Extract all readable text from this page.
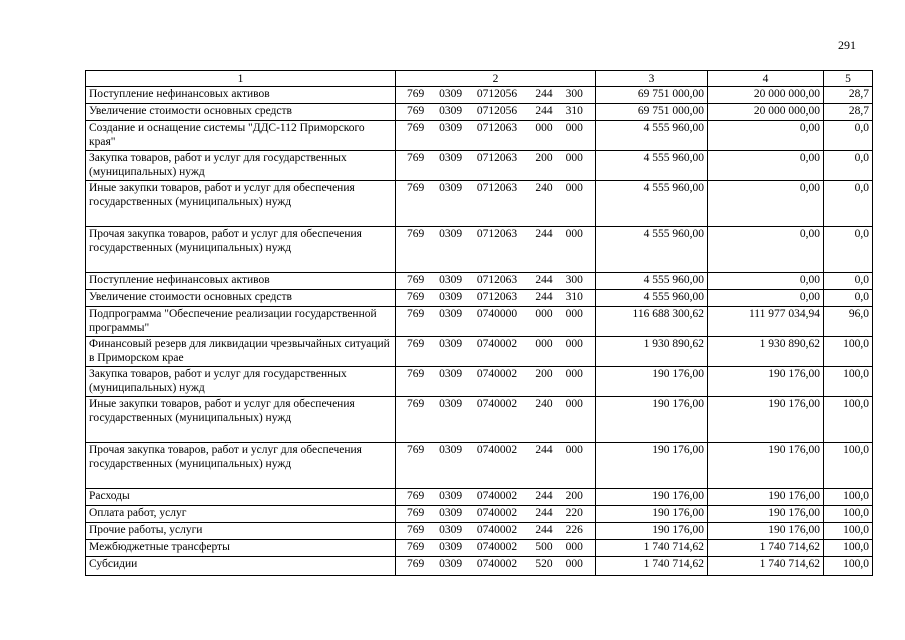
291
1	2	3	4	5
Поступление нефинансовых активов	769 0309 0712056 244 300	69 751 000,00	20 000 000,00	28,7
Увеличение стоимости основных средств	769 0309 0712056 244 310	69 751 000,00	20 000 000,00	28,7
Создание и оснащение системы "ДДС-112 Приморского края"	769 0309 0712063 000 000	4 555 960,00	0,00	0,0
Закупка товаров, работ и услуг для государственных (муниципальных) нужд	769 0309 0712063 200 000	4 555 960,00	0,00	0,0
Иные закупки товаров, работ и услуг для обеспечения государственных (муниципальных) нужд	769 0309 0712063 240 000	4 555 960,00	0,00	0,0
Прочая закупка товаров, работ и услуг для обеспечения государственных (муниципальных) нужд	769 0309 0712063 244 000	4 555 960,00	0,00	0,0
Поступление нефинансовых активов	769 0309 0712063 244 300	4 555 960,00	0,00	0,0
Увеличение стоимости основных средств	769 0309 0712063 244 310	4 555 960,00	0,00	0,0
Подпрограмма "Обеспечение реализации государственной программы"	769 0309 0740000 000 000	116 688 300,62	111 977 034,94	96,0
Финансовый резерв для ликвидации чрезвычайных ситуаций в Приморском крае	769 0309 0740002 000 000	1 930 890,62	1 930 890,62	100,0
Закупка товаров, работ и услуг для государственных (муниципальных) нужд	769 0309 0740002 200 000	190 176,00	190 176,00	100,0
Иные закупки товаров, работ и услуг для обеспечения государственных (муниципальных) нужд	769 0309 0740002 240 000	190 176,00	190 176,00	100,0
Прочая закупка товаров, работ и услуг для обеспечения государственных (муниципальных) нужд	769 0309 0740002 244 000	190 176,00	190 176,00	100,0
Расходы	769 0309 0740002 244 200	190 176,00	190 176,00	100,0
Оплата работ, услуг	769 0309 0740002 244 220	190 176,00	190 176,00	100,0
Прочие работы, услуги	769 0309 0740002 244 226	190 176,00	190 176,00	100,0
Межбюджетные трансферты	769 0309 0740002 500 000	1 740 714,62	1 740 714,62	100,0
Субсидии	769 0309 0740002 520 000	1 740 714,62	1 740 714,62	100,0
